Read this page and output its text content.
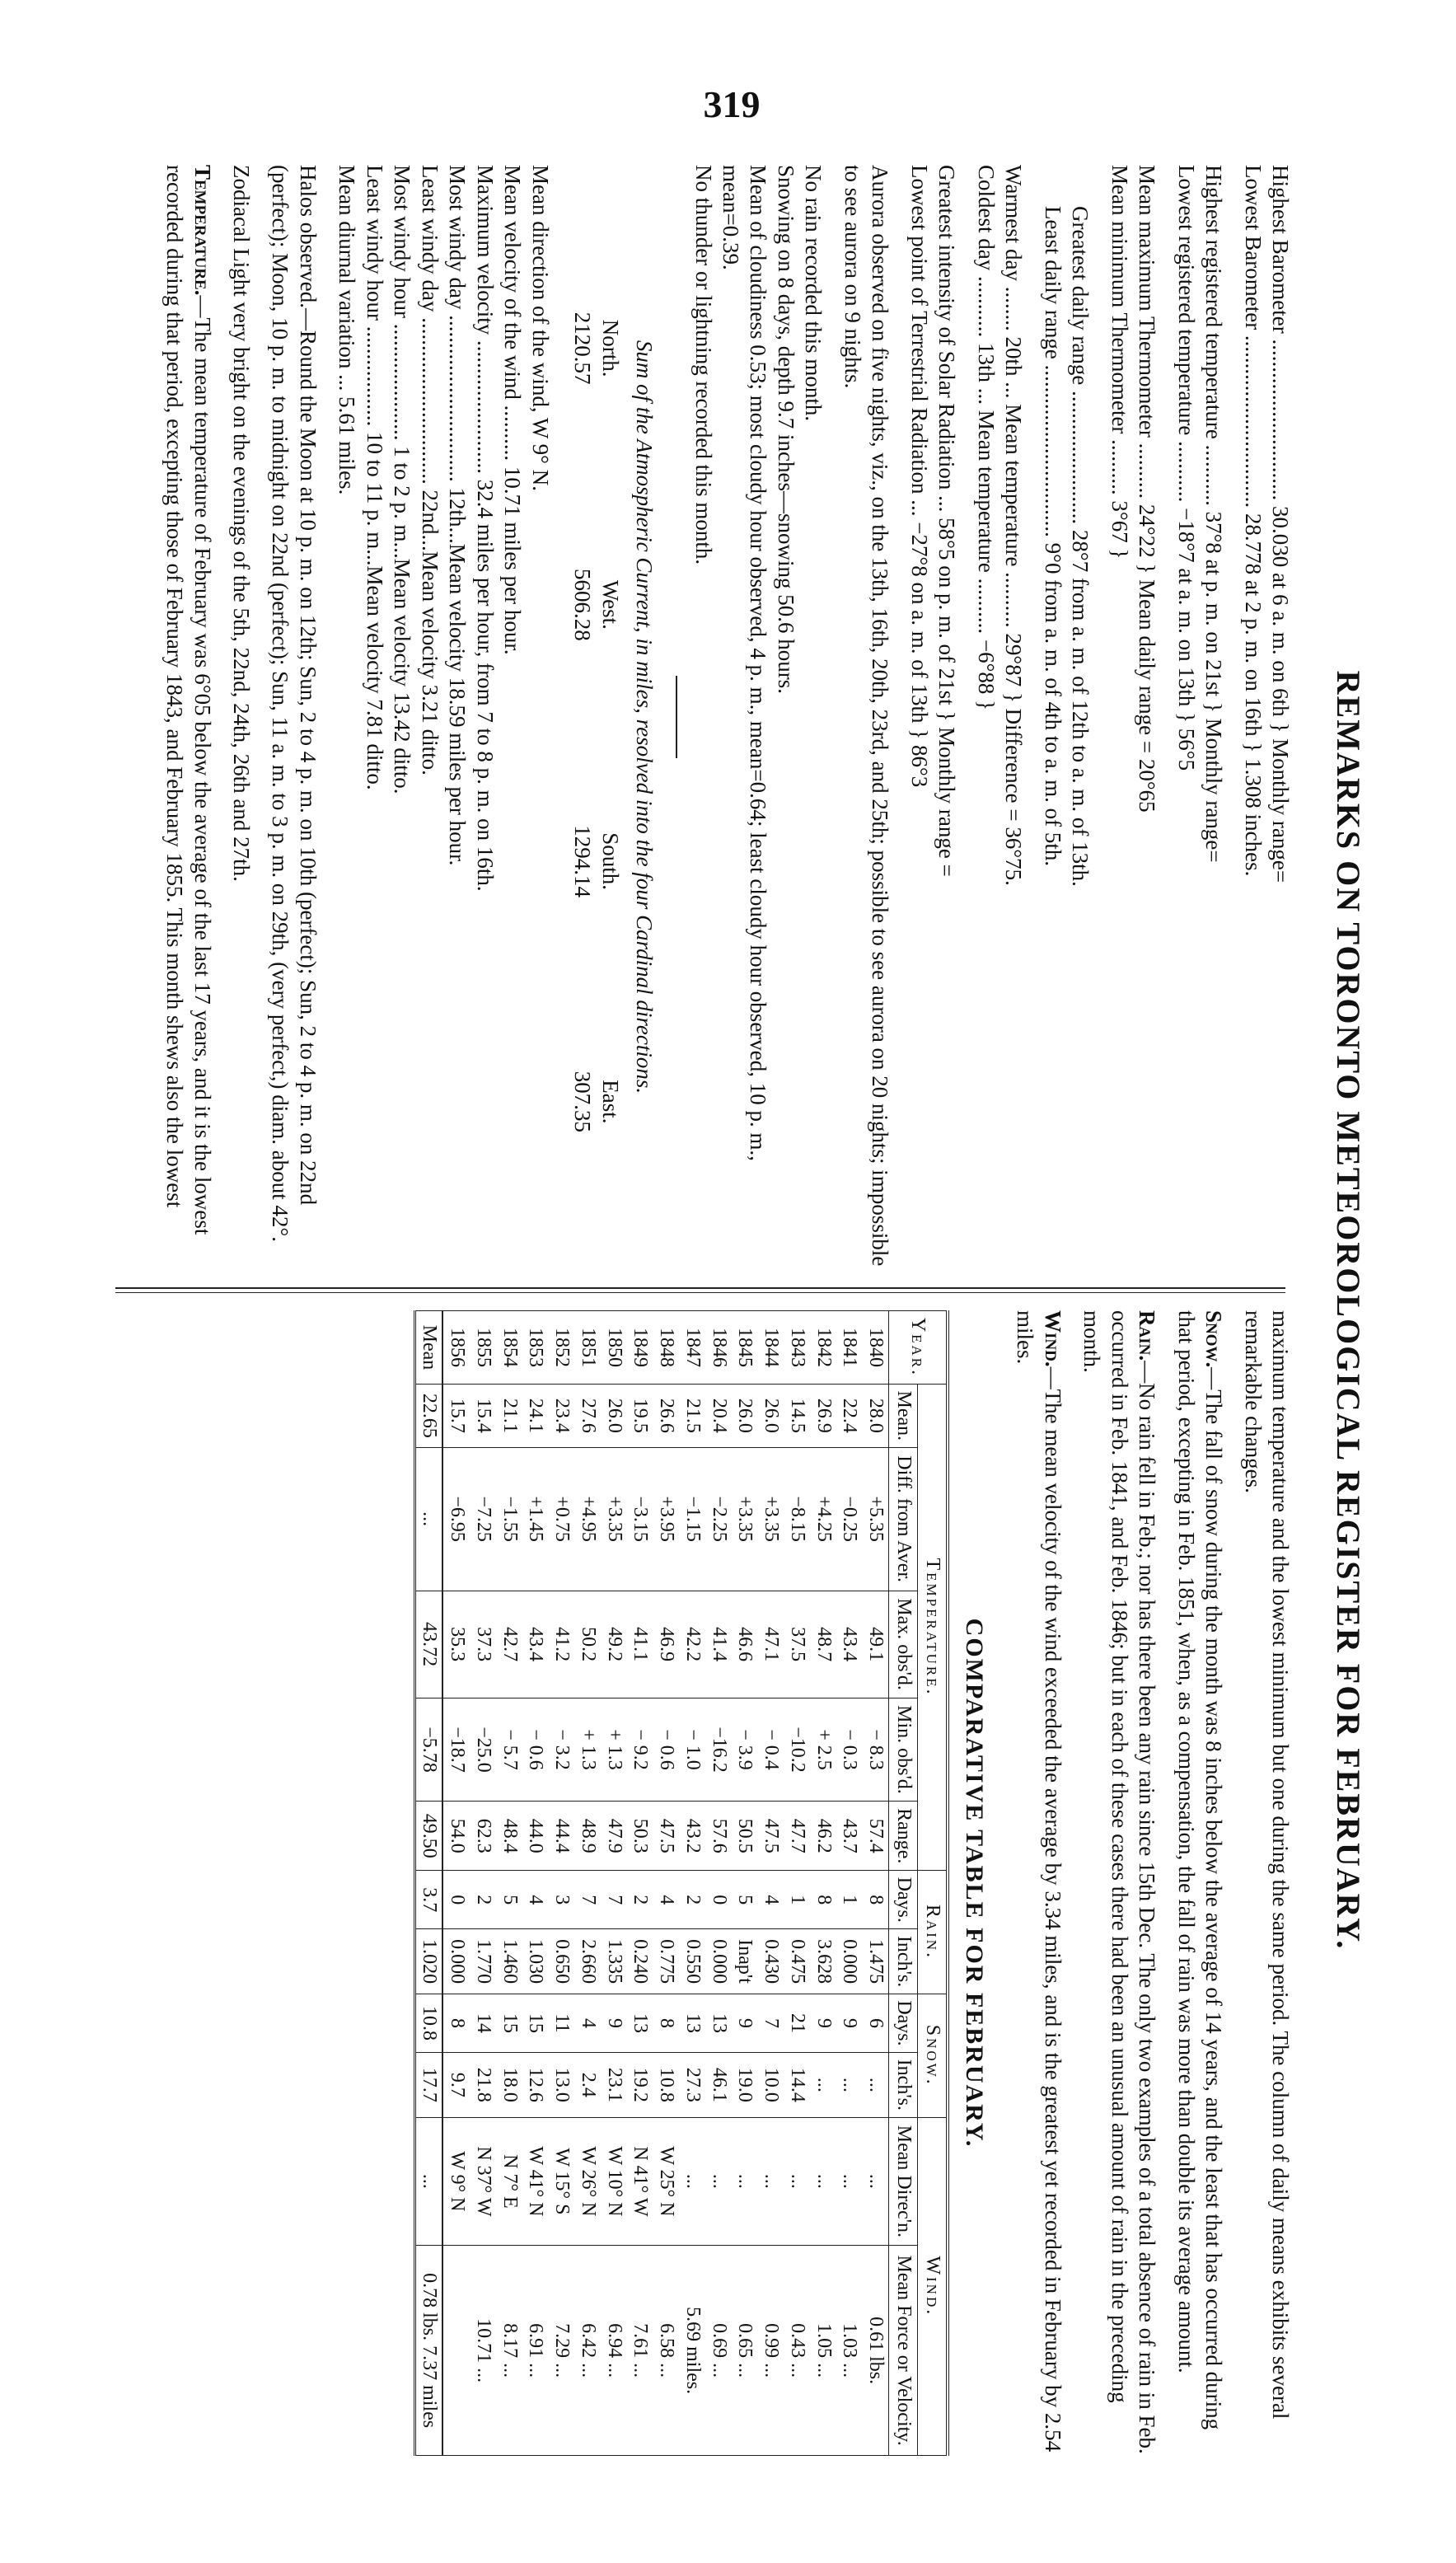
319
REMARKS ON TORONTO METEOROLOGICAL REGISTER FOR FEBRUARY.

Highest Barometer ............................. 30.030 at 6 a. m. on 6th } Monthly range=
Lowest Barometer ............................... 28.778 at 2 p. m. on 16th } 1.308 inches.

Highest registered temperature ........... 37°8 at p. m. on 21st } Monthly range=
Lowest registered temperature ........... −18°7 at a. m. on 13th } 56°5

Mean maximum Thermometer .......... 24°22 } Mean daily range = 20°65
Mean minimum Thermometer .......... 3°67 }

Greatest daily range ........................ 28°7 from a. m. of 12th to a. m. of 13th.
Least daily range ............................... 9°0 from a. m. of 4th to a. m. of 5th.

Warmest day ........ 20th ... Mean temperature .......... 29°87 } Difference = 36°75.
Coldest day ........... 13th ... Mean temperature .......... −6°88 }

Greatest intensity of Solar Radiation ... 58°5 on p. m. of 21st } Monthly range =
Lowest point of Terrestrial Radiation ... −27°8 on a. m. of 13th } 86°3

Aurora observed on five nights, viz., on the 13th, 16th, 20th, 23rd, and 25th; possible to see aurora on 20 nights; impossible to see aurora on 9 nights.

No rain recorded this month.
Snowing on 8 days, depth 9.7 inches—snowing 50.6 hours.
Mean of cloudiness 0.53; most cloudy hour observed, 4 p. m., mean=0.64; least cloudy hour observed, 10 p. m., mean=0.39.
No thunder or lightning recorded this month.

Sum of the Atmospheric Current, in miles, resolved into the four Cardinal directions.
North.	West.	South.	East.
2120.57	5606.28	1294.14	307.35

Mean direction of the wind, W 9° N.
Mean velocity of the wind .......... 10.71 miles per hour.
Maximum velocity ........................ 32.4 miles per hour, from 7 to 8 p. m. on 16th.
Most windy day .............................. 12th...Mean velocity 18.59 miles per hour.
Least windy day .............................. 22nd...Mean velocity 3.21 ditto.
Most windy hour ..................... 1 to 2 p. m...Mean velocity 13.42 ditto.
Least windy hour .................. 10 to 11 p. m...Mean velocity 7.81 ditto.
Mean diurnal variation ... 5.61 miles.

Halos observed.—Round the Moon at 10 p. m. on 12th; Sun, 2 to 4 p. m. on 10th (perfect); Sun, 2 to 4 p. m. on 22nd (perfect); Moon, 10 p. m. to midnight on 22nd (perfect); Sun, 11 a. m. to 3 p. m. on 29th, (very perfect,) diam. about 42°.

Zodiacal Light very bright on the evenings of the 5th, 22nd, 24th, 26th and 27th.

Temperature.—The mean temperature of February was 6°05 below the average of the last 17 years, and it is the lowest recorded during that period, excepting those of February 1843, and February 1855. This month shews also the lowest

maximum temperature and the lowest minimum but one during the same period. The column of daily means exhibits several remarkable changes.

Snow.—The fall of snow during the month was 8 inches below the average of 14 years, and the least that has occurred during that period, excepting in Feb. 1851, when, as a compensation, the fall of rain was more than double its average amount.

Rain.—No rain fell in Feb.; nor has there been any rain since 15th Dec. The only two examples of a total absence of rain in Feb. occurred in Feb. 1841, and Feb. 1846; but in each of these cases there had been an unusual amount of rain in the preceding month.

Wind.—The mean velocity of the wind exceeded the average by 3.34 miles, and is the greatest yet recorded in February by 2.54 miles.

COMPARATIVE TABLE FOR FEBRUARY.
Year.	Temperature.					Rain.		Snow.		Wind.	
	Mean.	Diff. from Aver.	Max. obs'd.	Min. obs'd.	Range.	Days.	Inch's.	Days.	Inch's.	Mean Direc'n.	Mean Force or Velocity.
1840	28.0	+5.35	49.1	− 8.3	57.4	8	1.475	6	...	...	0.61 lbs.
1841	22.4	−0.25	43.4	− 0.3	43.7	1	0.000	9	...	...	1.03 ...
1842	26.9	+4.25	48.7	+ 2.5	46.2	8	3.628	9	...	...	1.05 ...
1843	14.5	−8.15	37.5	−10.2	47.7	1	0.475	21	14.4	...	0.43 ...
1844	26.0	+3.35	47.1	− 0.4	47.5	4	0.430	7	10.0	...	0.99 ...
1845	26.0	+3.35	46.6	− 3.9	50.5	5	Inap't	9	19.0	...	0.65 ...
1846	20.4	−2.25	41.4	−16.2	57.6	0	0.000	13	46.1	...	0.69 ...
1847	21.5	−1.15	42.2	− 1.0	43.2	2	0.550	13	27.3	...	5.69 miles.
1848	26.6	+3.95	46.9	− 0.6	47.5	4	0.775	8	10.8	W 25° N	6.58 ...
1849	19.5	−3.15	41.1	− 9.2	50.3	2	0.240	13	19.2	N 41° W	7.61 ...
1850	26.0	+3.35	49.2	+ 1.3	47.9	7	1.335	9	23.1	W 10° N	6.94 ...
1851	27.6	+4.95	50.2	+ 1.3	48.9	7	2.660	4	2.4	W 26° N	6.42 ...
1852	23.4	+0.75	41.2	− 3.2	44.4	3	0.650	11	13.0	W 15° S	7.29 ...
1853	24.1	+1.45	43.4	− 0.6	44.0	4	1.030	15	12.6	W 41° N	6.91 ...
1854	21.1	−1.55	42.7	− 5.7	48.4	5	1.460	15	18.0	N 7° E	8.17 ...
1855	15.4	−7.25	37.3	−25.0	62.3	2	1.770	14	21.8	N 37° W	10.71 ...
1856	15.7	−6.95	35.3	−18.7	54.0	0	0.000	8	9.7	W 9° N	
Mean	22.65	...	43.72	−5.78	49.50	3.7	1.020	10.8	17.7	...	0.78 lbs. 7.37 miles
